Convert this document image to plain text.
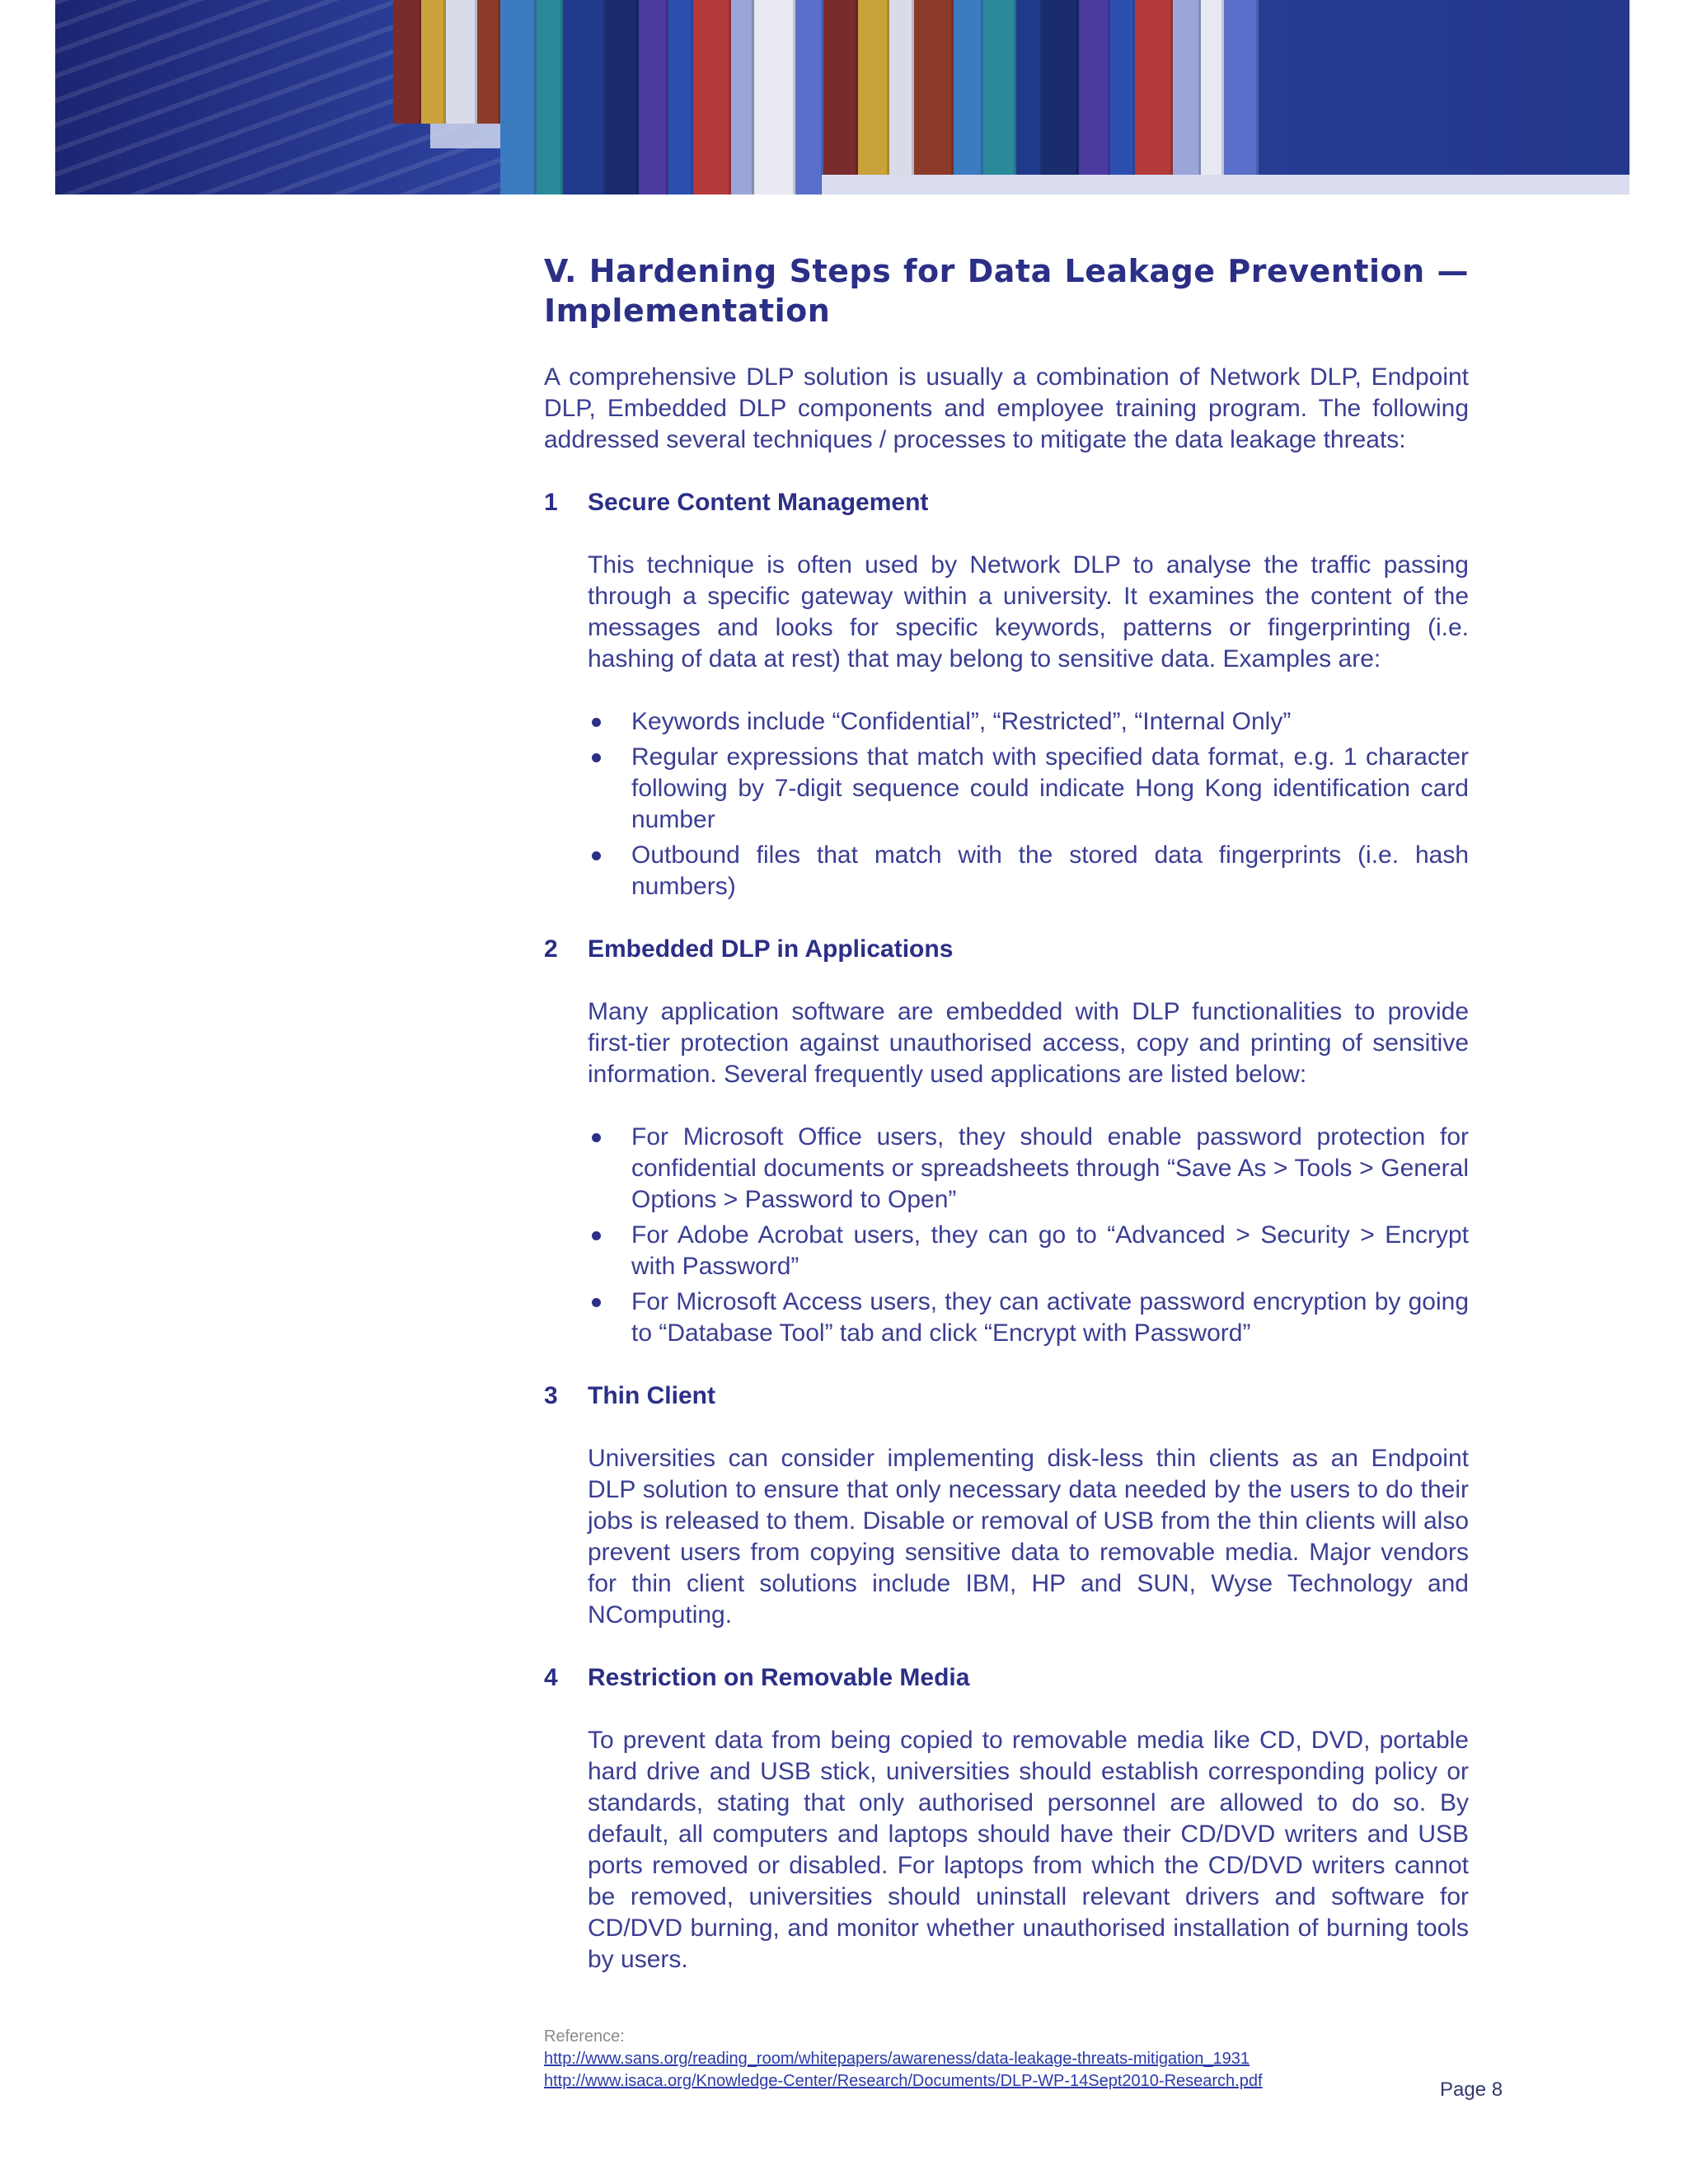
V. Hardening Steps for Data Leakage Prevention — Implementation

A comprehensive DLP solution is usually a combination of Network DLP, Endpoint DLP, Embedded DLP components and employee training program. The following addressed several techniques / processes to mitigate the data leakage threats:

1	Secure Content Management

This technique is often used by Network DLP to analyse the traffic passing through a specific gateway within a university. It examines the content of the messages and looks for specific keywords, patterns or fingerprinting (i.e. hashing of data at rest) that may belong to sensitive data. Examples are:

Keywords include “Confidential”, “Restricted”, “Internal Only”
Regular expressions that match with specified data format, e.g. 1 character following by 7-digit sequence could indicate Hong Kong identification card number
Outbound files that match with the stored data fingerprints (i.e. hash numbers)
2	Embedded DLP in Applications

Many application software are embedded with DLP functionalities to provide first-tier protection against unauthorised access, copy and printing of sensitive information. Several frequently used applications are listed below:

For Microsoft Office users, they should enable password protection for confidential documents or spreadsheets through “Save As > Tools > General Options > Password to Open”
For Adobe Acrobat users, they can go to “Advanced > Security > Encrypt with Password”
For Microsoft Access users, they can activate password encryption by going to “Database Tool” tab and click “Encrypt with Password”
3	Thin Client

Universities can consider implementing disk-less thin clients as an Endpoint DLP solution to ensure that only necessary data needed by the users to do their jobs is released to them. Disable or removal of USB from the thin clients will also prevent users from copying sensitive data to removable media. Major vendors for thin client solutions include IBM, HP and SUN, Wyse Technology and NComputing.

4	Restriction on Removable Media

To prevent data from being copied to removable media like CD, DVD, portable hard drive and USB stick, universities should establish corresponding policy or standards, stating that only authorised personnel are allowed to do so. By default, all computers and laptops should have their CD/DVD writers and USB ports removed or disabled. For laptops from which the CD/DVD writers cannot be removed, universities should uninstall relevant drivers and software for CD/DVD burning, and monitor whether unauthorised installation of burning tools by users.

Reference:
http://www.sans.org/reading_room/whitepapers/awareness/data-leakage-threats-mitigation_1931
http://www.isaca.org/Knowledge-Center/Research/Documents/DLP-WP-14Sept2010-Research.pdf	Page 8
